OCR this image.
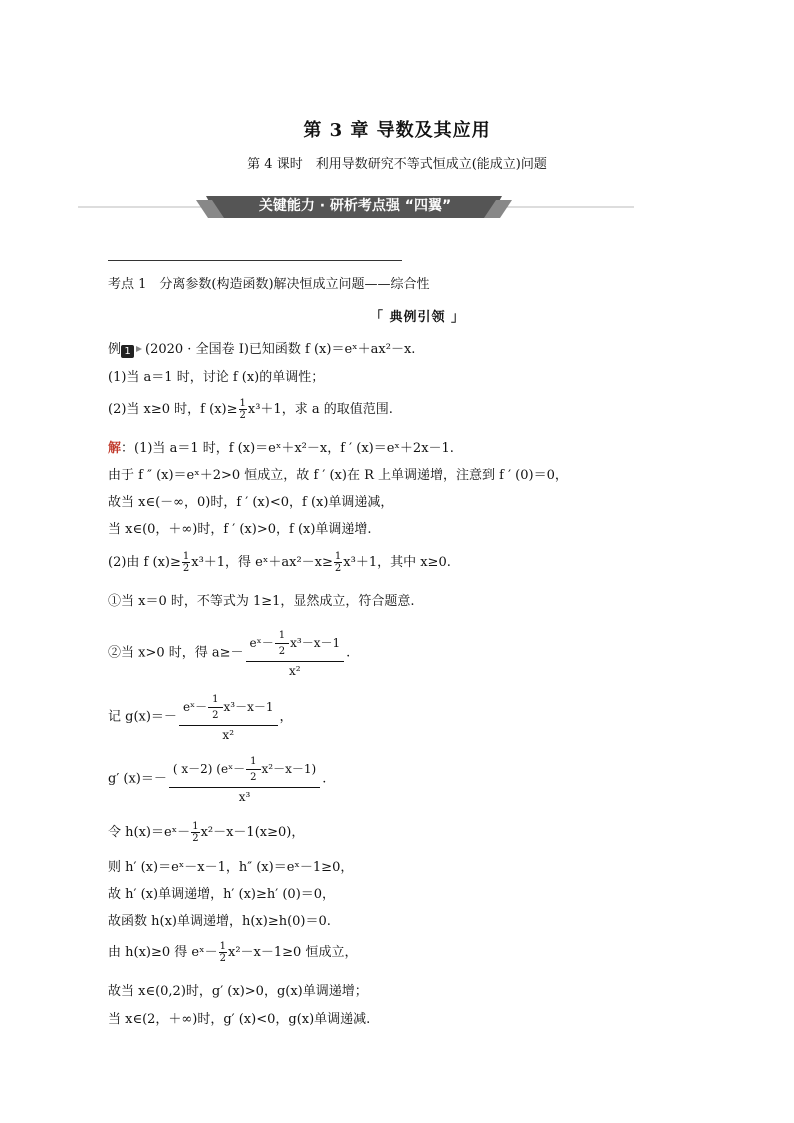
第 3 章 导数及其应用
第 4 课时　利用导数研究不等式恒成立(能成立)问题
关键能力 · 研析考点强 “四翼”
考点 1　分离参数(构造函数)解决恒成立问题——综合性
「 典例引领 」
例 1 (2020 · 全国卷 Ⅰ)已知函数 f (x)＝eˣ＋ax²－x.
(1)当 a＝1 时，讨论 f (x)的单调性；
(2)当 x≥0 时，f $(x)\ge \frac{1}{2} x^3+1$，求 a 的取值范围.
解：(1)当 a＝1 时，f (x)＝eˣ＋x²－x，f ′ (x)＝eˣ＋2x－1.
由于 f ″ (x)＝eˣ＋2>0 恒成立，故 f ′ (x)在 R 上单调递增，注意到 f ′ (0)＝0，
故当 x∈(－∞，0)时，f ′ (x)<0，f (x)单调递减，
当 x∈(0，＋∞)时，f ′ (x)>0，f (x)单调递增.
(2)由 f $(x)\ge \frac{1}{2} x^3+1$，得 eˣ＋ax²－x≥ $\frac{1}{2} x^3+1$，其中 x≥0.
①当 x＝0 时，不等式为 1≥1，显然成立，符合题意.
②当 x>0 时，得 $a\ge- \frac{eˣ- \frac{1}{2} x^3-x-1}{\text{x²}}$ .
记 $g(x)=- \frac{eˣ- \frac{1}{2} x^3-x-1}{\text{x²}}$ ，
g′ $(x)=- \frac{( x-2) (eˣ- \frac{1}{2} x^2-x-1)}{\text{x³}}$ .
令 h(x)＝eˣ－ $\frac{1}{2} x^2-x-1(x\ge 0)$，
则 h′ (x)＝eˣ－x－1，h″ (x)＝eˣ－1≥0，
故 h′ (x)单调递增，h′ (x)≥h′ (0)＝0，
故函数 h(x)单调递增，h(x)≥h(0)＝0.
由 h(x)≥0 得 eˣ－ $\frac{1}{2} x^2-x-1\ge 0$ 恒成立，
故当 x∈(0,2)时，g′ (x)>0，g(x)单调递增；
当 x∈(2，＋∞)时，g′ (x)<0，g(x)单调递减.
